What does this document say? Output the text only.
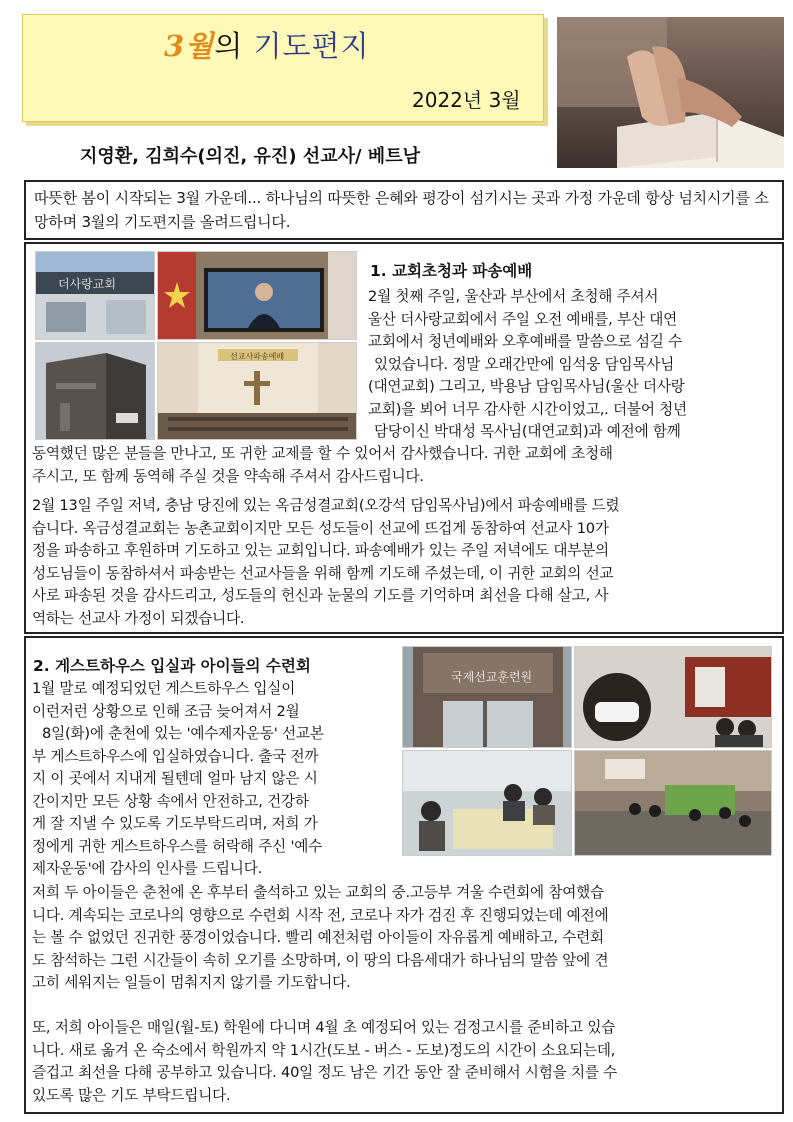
3월의 기도편지
2022년 3월
지영환, 김희수(의진, 유진) 선교사/ 베트남
따뜻한 봄이 시작되는 3월 가운데... 하나님의 따뜻한 은혜와 평강이 섬기시는 곳과 가정 가운데 항상 넘치시기를 소망하며 3월의 기도편지를 올려드립니다.
더사랑교회
선교사파송예배
1. 교회초청과 파송예배
2월 첫째 주일, 울산과 부산에서 초청해 주셔서
울산 더사랑교회에서 주일 오전 예배를, 부산 대연
교회에서 청년예배와 오후예배를 말씀으로 섬길 수
있었습니다. 정말 오래간만에 임석웅 담임목사님
(대연교회) 그리고, 박용남 담임목사님(울산 더사랑
교회)을 뵈어 너무 감사한 시간이었고,. 더불어 청년
담당이신 박대성 목사님(대연교회)과 예전에 함께
동역했던 많은 분들을 만나고, 또 귀한 교제를 할 수 있어서 감사했습니다. 귀한 교회에 초청해
주시고, 또 함께 동역해 주실 것을 약속해 주셔서 감사드립니다.
2월 13일 주일 저녁, 충남 당진에 있는 옥금성결교회(오강석 담임목사님)에서 파송예배를 드렸
습니다. 옥금성결교회는 농촌교회이지만 모든 성도들이 선교에 뜨겁게 동참하여 선교사 10가
정을 파송하고 후원하며 기도하고 있는 교회입니다. 파송예배가 있는 주일 저녁에도 대부분의
성도님들이 동참하셔서 파송받는 선교사들을 위해 함께 기도해 주셨는데, 이 귀한 교회의 선교
사로 파송된 것을 감사드리고, 성도들의 헌신과 눈물의 기도를 기억하며 최선을 다해 살고, 사
역하는 선교사 가정이 되겠습니다.
2. 게스트하우스 입실과 아이들의 수련회
국제선교훈련원
1월 말로 예정되었던 게스트하우스 입실이
이런저런 상황으로 인해 조금 늦어져서 2월
8일(화)에 춘천에 있는 '예수제자운동' 선교본
부 게스트하우스에 입실하였습니다. 출국 전까
지 이 곳에서 지내게 될텐데 얼마 남지 않은 시
간이지만 모든 상황 속에서 안전하고, 건강하
게 잘 지낼 수 있도록 기도부탁드리며, 저희 가
정에게 귀한 게스트하우스를 허락해 주신 '예수
제자운동'에 감사의 인사를 드립니다.
저희 두 아이들은 춘천에 온 후부터 출석하고 있는 교회의 중.고등부 겨울 수련회에 참여했습
니다. 계속되는 코로나의 영향으로 수련회 시작 전, 코로나 자가 검진 후 진행되었는데 예전에
는 볼 수 없었던 진귀한 풍경이었습니다. 빨리 예전처럼 아이들이 자유롭게 예배하고, 수련회
도 참석하는 그런 시간들이 속히 오기를 소망하며, 이 땅의 다음세대가 하나님의 말씀 앞에 견
고히 세워지는 일들이 멈춰지지 않기를 기도합니다.
또, 저희 아이들은 매일(월-토) 학원에 다니며 4월 초 예정되어 있는 검정고시를 준비하고 있습
니다. 새로 옮겨 온 숙소에서 학원까지 약 1시간(도보 - 버스 - 도보)정도의 시간이 소요되는데,
즐겁고 최선을 다해 공부하고 있습니다. 40일 정도 남은 기간 동안 잘 준비해서 시험을 치를 수
있도록 많은 기도 부탁드립니다.
